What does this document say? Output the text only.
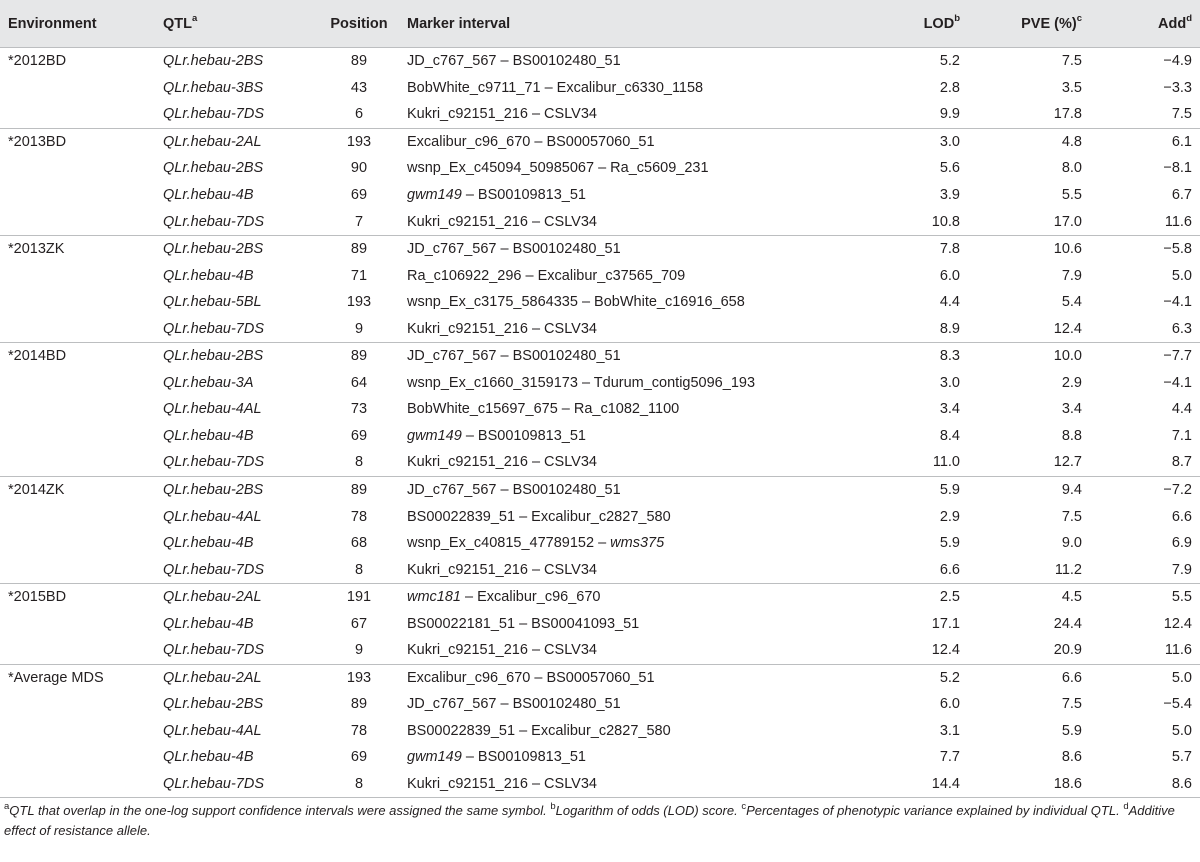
Environment	QTL$^a$	Position	Marker interval	LOD$^b$	PVE (%)$^c$	Add$^d$
*2012BD	QLr.hebau-2BS	89	JD_c767_567 – BS00102480_51	5.2	7.5	−4.9
	QLr.hebau-3BS	43	BobWhite_c9711_71 – Excalibur_c6330_1158	2.8	3.5	−3.3
	QLr.hebau-7DS	6	Kukri_c92151_216 – CSLV34	9.9	17.8	7.5
*2013BD	QLr.hebau-2AL	193	Excalibur_c96_670 – BS00057060_51	3.0	4.8	6.1
	QLr.hebau-2BS	90	wsnp_Ex_c45094_50985067 – Ra_c5609_231	5.6	8.0	−8.1
	QLr.hebau-4B	69	gwm149 – BS00109813_51	3.9	5.5	6.7
	QLr.hebau-7DS	7	Kukri_c92151_216 – CSLV34	10.8	17.0	11.6
*2013ZK	QLr.hebau-2BS	89	JD_c767_567 – BS00102480_51	7.8	10.6	−5.8
	QLr.hebau-4B	71	Ra_c106922_296 – Excalibur_c37565_709	6.0	7.9	5.0
	QLr.hebau-5BL	193	wsnp_Ex_c3175_5864335 – BobWhite_c16916_658	4.4	5.4	−4.1
	QLr.hebau-7DS	9	Kukri_c92151_216 – CSLV34	8.9	12.4	6.3
*2014BD	QLr.hebau-2BS	89	JD_c767_567 – BS00102480_51	8.3	10.0	−7.7
	QLr.hebau-3A	64	wsnp_Ex_c1660_3159173 – Tdurum_contig5096_193	3.0	2.9	−4.1
	QLr.hebau-4AL	73	BobWhite_c15697_675 – Ra_c1082_1100	3.4	3.4	4.4
	QLr.hebau-4B	69	gwm149 – BS00109813_51	8.4	8.8	7.1
	QLr.hebau-7DS	8	Kukri_c92151_216 – CSLV34	11.0	12.7	8.7
*2014ZK	QLr.hebau-2BS	89	JD_c767_567 – BS00102480_51	5.9	9.4	−7.2
	QLr.hebau-4AL	78	BS00022839_51 – Excalibur_c2827_580	2.9	7.5	6.6
	QLr.hebau-4B	68	wsnp_Ex_c40815_47789152 – wms375	5.9	9.0	6.9
	QLr.hebau-7DS	8	Kukri_c92151_216 – CSLV34	6.6	11.2	7.9
*2015BD	QLr.hebau-2AL	191	wmc181 – Excalibur_c96_670	2.5	4.5	5.5
	QLr.hebau-4B	67	BS00022181_51 – BS00041093_51	17.1	24.4	12.4
	QLr.hebau-7DS	9	Kukri_c92151_216 – CSLV34	12.4	20.9	11.6
*Average MDS	QLr.hebau-2AL	193	Excalibur_c96_670 – BS00057060_51	5.2	6.6	5.0
	QLr.hebau-2BS	89	JD_c767_567 – BS00102480_51	6.0	7.5	−5.4
	QLr.hebau-4AL	78	BS00022839_51 – Excalibur_c2827_580	3.1	5.9	5.0
	QLr.hebau-4B	69	gwm149 – BS00109813_51	7.7	8.6	5.7
	QLr.hebau-7DS	8	Kukri_c92151_216 – CSLV34	14.4	18.6	8.6

$^a$QTL that overlap in the one-log support confidence intervals were assigned the same symbol. $^b$Logarithm of odds (LOD) score. $^c$Percentages of phenotypic variance explained by individual QTL. $^d$Additive effect of resistance allele.
